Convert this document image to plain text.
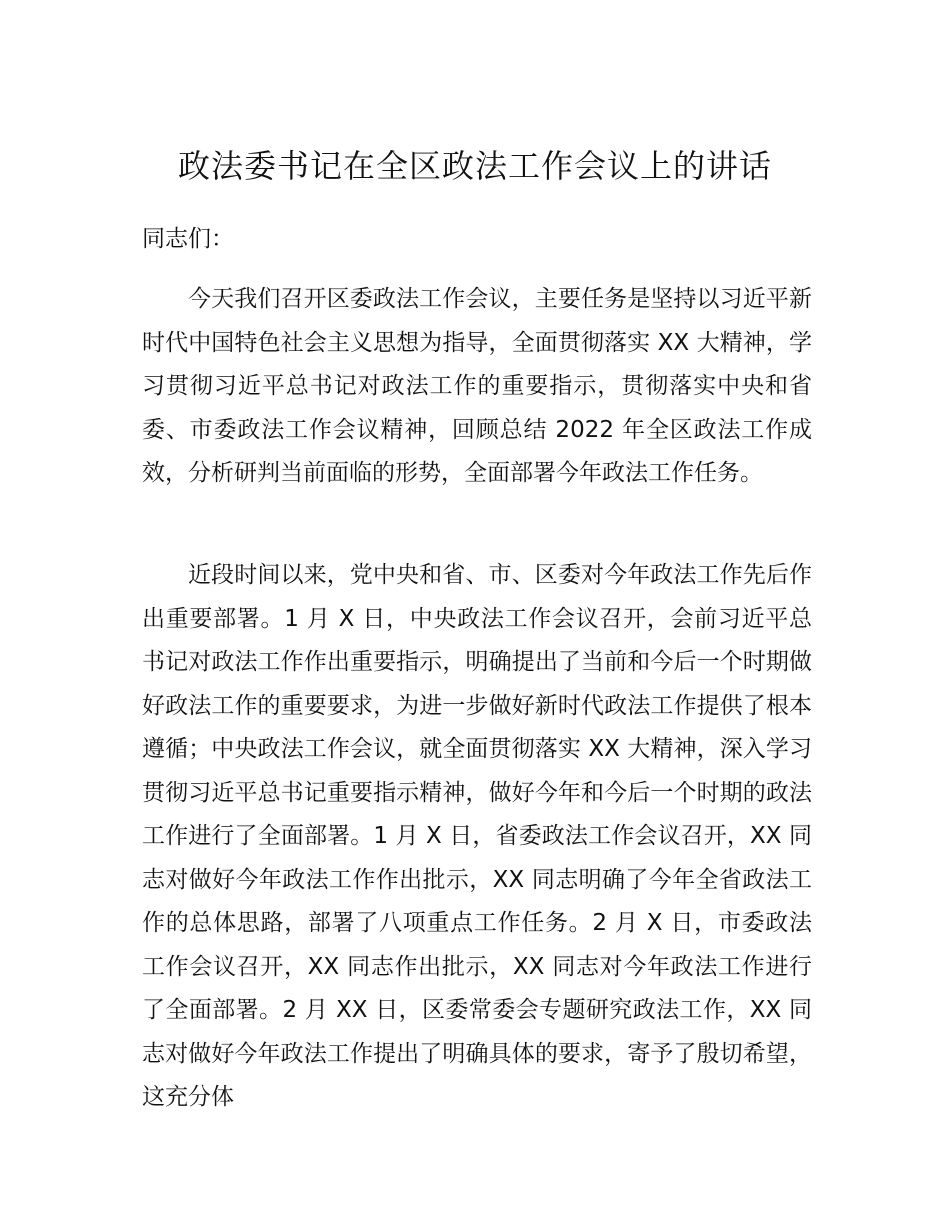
政法委书记在全区政法工作会议上的讲话

同志们：

今天我们召开区委政法工作会议，主要任务是坚持以习近平新时代中国特色社会主义思想为指导，全面贯彻落实 XX 大精神，学习贯彻习近平总书记对政法工作的重要指示，贯彻落实中央和省委、市委政法工作会议精神，回顾总结 2022 年全区政法工作成效，分析研判当前面临的形势，全面部署今年政法工作任务。

近段时间以来，党中央和省、市、区委对今年政法工作先后作出重要部署。1 月 X 日，中央政法工作会议召开，会前习近平总书记对政法工作作出重要指示，明确提出了当前和今后一个时期做好政法工作的重要要求，为进一步做好新时代政法工作提供了根本遵循；中央政法工作会议，就全面贯彻落实 XX 大精神，深入学习贯彻习近平总书记重要指示精神，做好今年和今后一个时期的政法工作进行了全面部署。1 月 X 日，省委政法工作会议召开，XX 同志对做好今年政法工作作出批示，XX 同志明确了今年全省政法工作的总体思路，部署了八项重点工作任务。2 月 X 日，市委政法工作会议召开，XX 同志作出批示，XX 同志对今年政法工作进行了全面部署。2 月 XX 日，区委常委会专题研究政法工作，XX 同志对做好今年政法工作提出了明确具体的要求，寄予了殷切希望，这充分体
